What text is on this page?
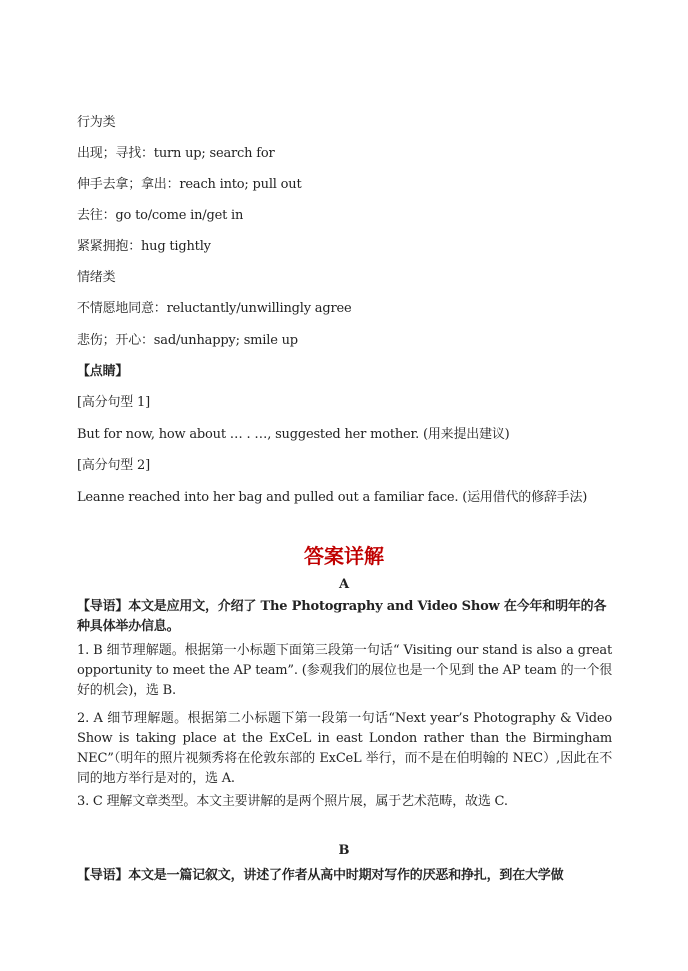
行为类
出现；寻找：turn up; search for
伸手去拿；拿出：reach into; pull out
去往：go to/come in/get in
紧紧拥抱：hug tightly
情绪类
不情愿地同意：reluctantly/unwillingly agree
悲伤；开心：sad/unhappy; smile up
【点睛】
[高分句型 1]
But for now, how about … . …, suggested her mother. (用来提出建议)
[高分句型 2]
Leanne reached into her bag and pulled out a familiar face. (运用借代的修辞手法)
答案详解
A
【导语】本文是应用文，介绍了 The Photography and Video Show 在今年和明年的各种具体举办信息。
1. B 细节理解题。根据第一小标题下面第三段第一句话“ Visiting our stand is also a great opportunity to meet the AP team”. (参观我们的展位也是一个见到 the AP team 的一个很好的机会)，选 B.
2. A 细节理解题。根据第二小标题下第一段第一句话“Next year’s Photography & Video Show is taking place at the ExCeL in east London rather than the Birmingham NEC”（明年的照片视频秀将在伦敦东部的 ExCeL 举行，而不是在伯明翰的 NEC）,因此在不同的地方举行是对的，选 A.
3. C 理解文章类型。本文主要讲解的是两个照片展，属于艺术范畴，故选 C.
B
【导语】本文是一篇记叙文，讲述了作者从高中时期对写作的厌恶和挣扎，到在大学做
